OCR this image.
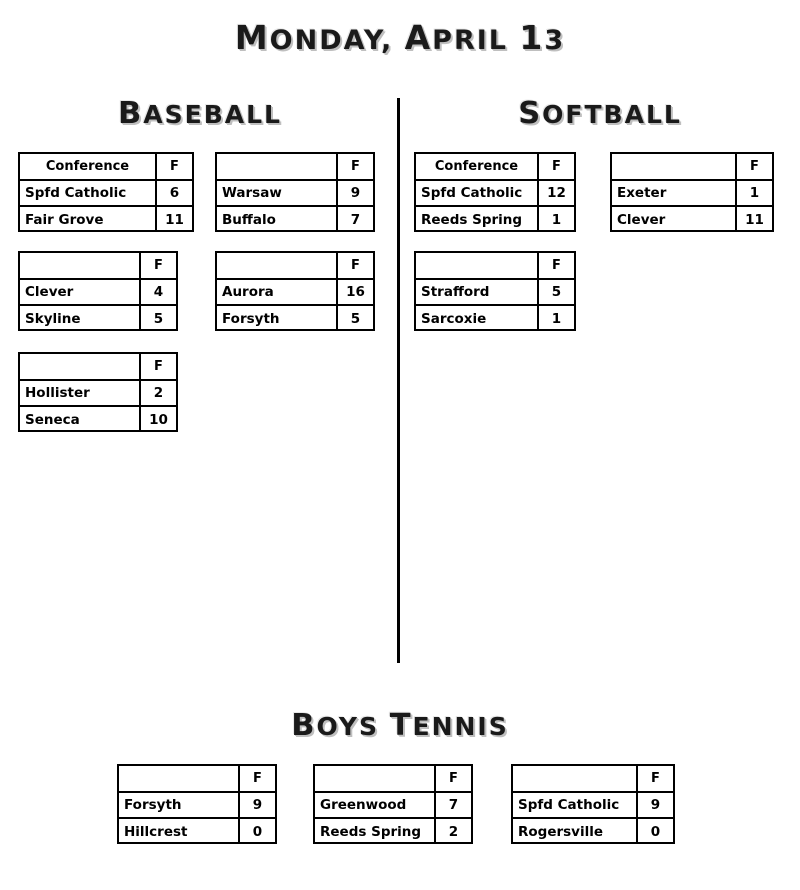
MONDAY, APRIL 13
BASEBALL	SOFTBALL
Conference	F
Spfd Catholic	6
Fair Grove	11
	F
Warsaw	9
Buffalo	7
	F
Clever	4
Skyline	5
	F
Aurora	16
Forsyth	5
	F
Hollister	2
Seneca	10
Conference	F
Spfd Catholic	12
Reeds Spring	1
	F
Exeter	1
Clever	11
	F
Strafford	5
Sarcoxie	1
BOYS TENNIS
	F
Forsyth	9
Hillcrest	0
	F
Greenwood	7
Reeds Spring	2
	F
Spfd Catholic	9
Rogersville	0
